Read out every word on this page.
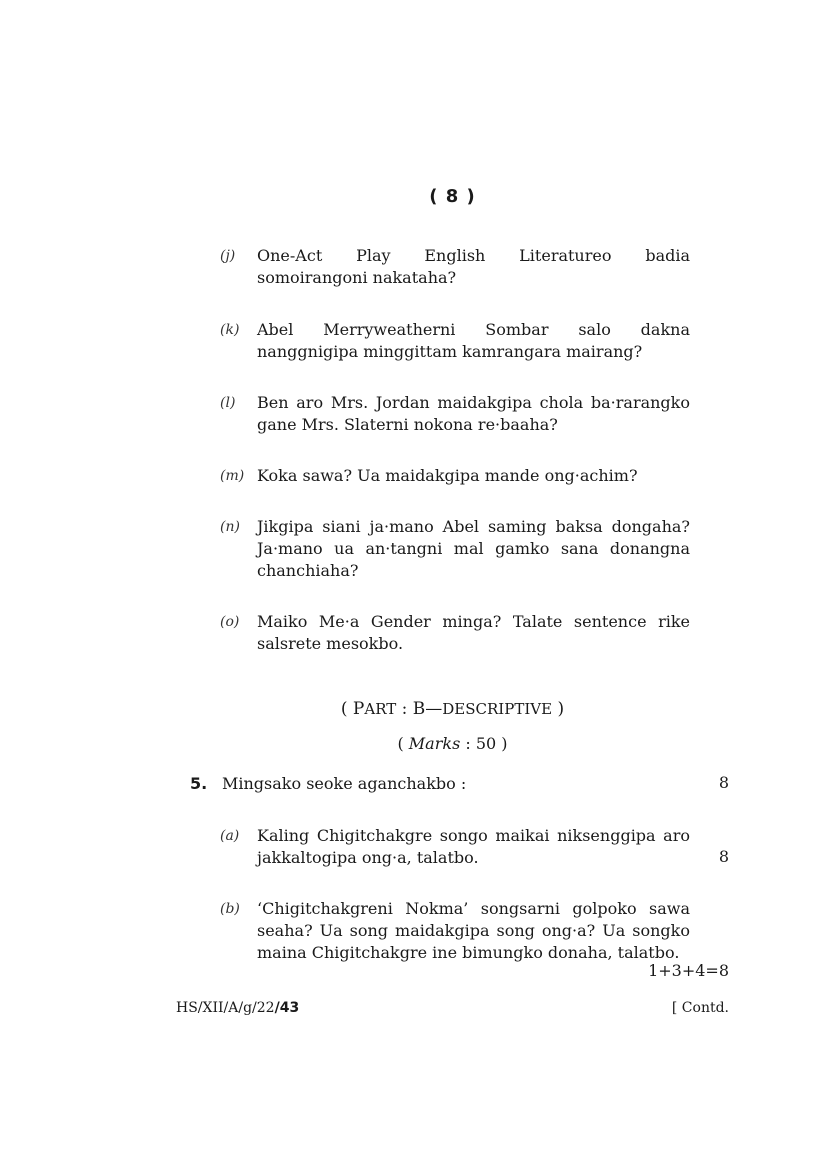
( 8 )
(j) One-Act Play English Literatureo badia somoirangoni nakataha?
(k) Abel Merryweatherni Sombar salo dakna nanggnigipa minggittam kamrangara mairang?
(l) Ben aro Mrs. Jordan maidakgipa chola ba·rarangko gane Mrs. Slaterni nokona re·baaha?
(m) Koka sawa? Ua maidakgipa mande ong·achim?
(n) Jikgipa siani ja·mano Abel saming baksa dongaha? Ja·mano ua an·tangni mal gamko sana donangna chanchiaha?
(o) Maiko Me·a Gender minga? Talate sentence rike salsrete mesokbo.
( PART : B—DESCRIPTIVE )
( Marks : 50 )
5. Mingsako seoke aganchakbo :	8
(a) Kaling Chigitchakgre songo maikai niksenggipa aro jakkaltogipa ong·a, talatbo.	8
(b) ‘Chigitchakgreni Nokma’ songsarni golpoko sawa seaha? Ua song maidakgipa song ong·a? Ua songko maina Chigitchakgre ine bimungko donaha, talatbo.
1+3+4=8
HS/XII/A/g/22/43	[ Contd.
